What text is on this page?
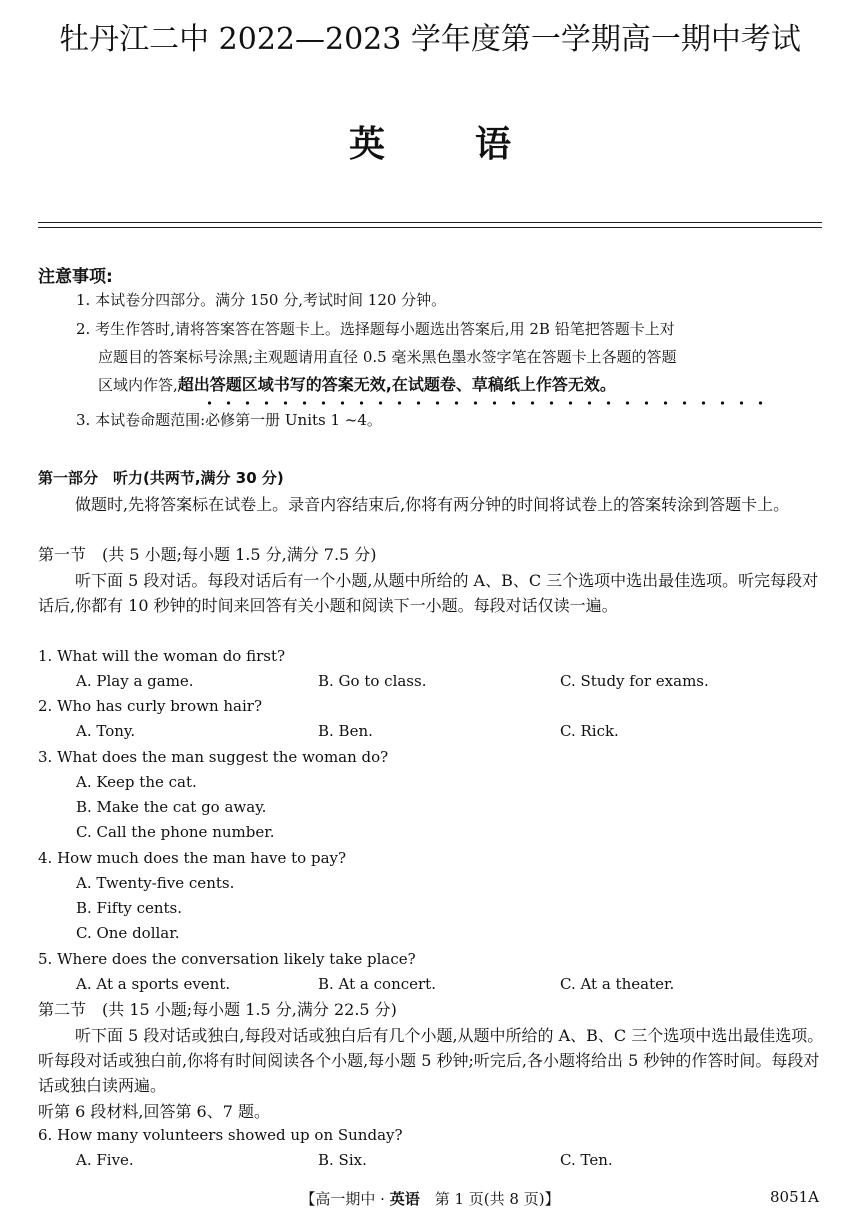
牡丹江二中 2022—2023 学年度第一学期高一期中考试
英	语
注意事项:
1. 本试卷分四部分。满分 150 分,考试时间 120 分钟。
2. 考生作答时,请将答案答在答题卡上。选择题每小题选出答案后,用 2B 铅笔把答题卡上对
应题目的答案标号涂黑;主观题请用直径 0.5 毫米黑色墨水签字笔在答题卡上各题的答题
区域内作答,超出答题区域书写的答案无效,在试题卷、草稿纸上作答无效。
3. 本试卷命题范围:必修第一册 Units 1 ~4。
第一部分　听力(共两节,满分 30 分)
做题时,先将答案标在试卷上。录音内容结束后,你将有两分钟的时间将试卷上的答案转涂到答题卡上。
第一节　(共 5 小题;每小题 1.5 分,满分 7.5 分)
听下面 5 段对话。每段对话后有一个小题,从题中所给的 A、B、C 三个选项中选出最佳选项。听完每段对话后,你都有 10 秒钟的时间来回答有关小题和阅读下一小题。每段对话仅读一遍。
1. What will the woman do first?
A. Play a game.	B. Go to class.	C. Study for exams.
2. Who has curly brown hair?
A. Tony.	B. Ben.	C. Rick.
3. What does the man suggest the woman do?
A. Keep the cat.
B. Make the cat go away.
C. Call the phone number.
4. How much does the man have to pay?
A. Twenty-five cents.
B. Fifty cents.
C. One dollar.
5. Where does the conversation likely take place?
A. At a sports event.	B. At a concert.	C. At a theater.
第二节　(共 15 小题;每小题 1.5 分,满分 22.5 分)
听下面 5 段对话或独白,每段对话或独白后有几个小题,从题中所给的 A、B、C 三个选项中选出最佳选项。听每段对话或独白前,你将有时间阅读各个小题,每小题 5 秒钟;听完后,各小题将给出 5 秒钟的作答时间。每段对话或独白读两遍。
听第 6 段材料,回答第 6、7 题。
6. How many volunteers showed up on Sunday?
A. Five.	B. Six.	C. Ten.
【高一期中 · 英语　第 1 页(共 8 页)】	8051A
